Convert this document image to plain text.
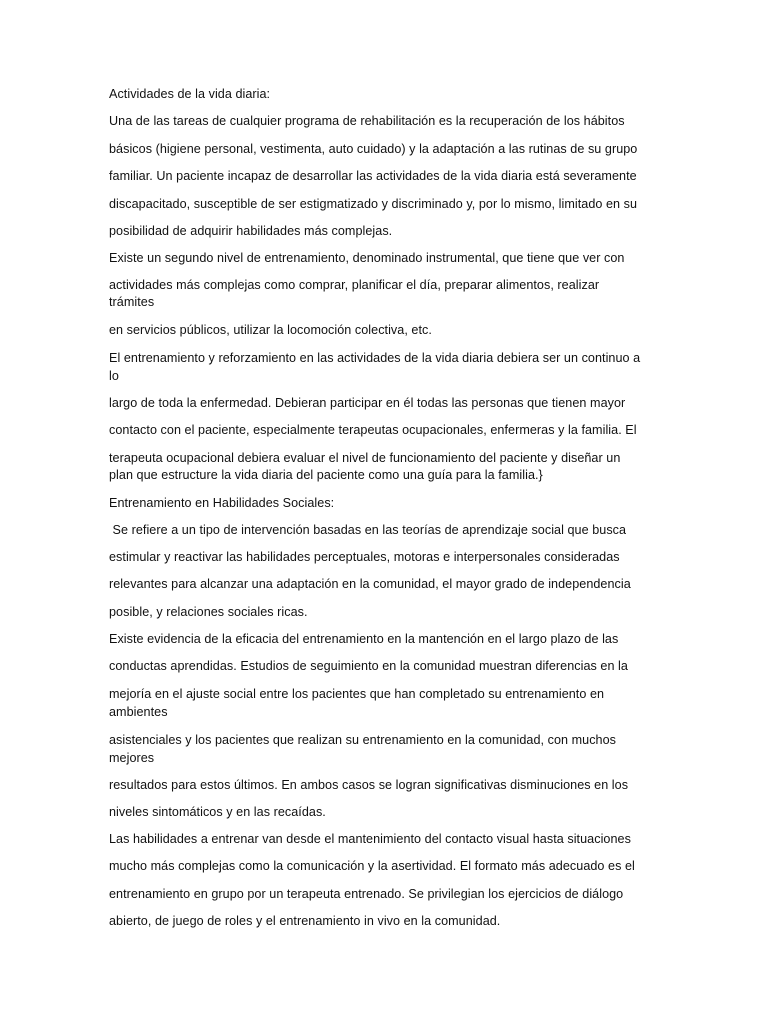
Actividades de la vida diaria:
Una de las tareas de cualquier programa de rehabilitación es la recuperación de los hábitos
básicos (higiene personal, vestimenta, auto cuidado) y la adaptación a las rutinas de su grupo
familiar. Un paciente incapaz de desarrollar las actividades de la vida diaria está severamente
discapacitado, susceptible de ser estigmatizado y discriminado y, por lo mismo, limitado en su
posibilidad de adquirir habilidades más complejas.
Existe un segundo nivel de entrenamiento, denominado instrumental, que tiene que ver con
actividades más complejas como comprar, planificar el día, preparar alimentos, realizar
trámites
en servicios públicos, utilizar la locomoción colectiva, etc.
El entrenamiento y reforzamiento en las actividades de la vida diaria debiera ser un continuo a
lo
largo de toda la enfermedad. Debieran participar en él todas las personas que tienen mayor
contacto con el paciente, especialmente terapeutas ocupacionales, enfermeras y la familia. El
terapeuta ocupacional debiera evaluar el nivel de funcionamiento del paciente y diseñar un
plan que estructure la vida diaria del paciente como una guía para la familia.}
Entrenamiento en Habilidades Sociales:
Se refiere a un tipo de intervención basadas en las teorías de aprendizaje social que busca
estimular y reactivar las habilidades perceptuales, motoras e interpersonales consideradas
relevantes para alcanzar una adaptación en la comunidad, el mayor grado de independencia
posible, y relaciones sociales ricas.
Existe evidencia de la eficacia del entrenamiento en la mantención en el largo plazo de las
conductas aprendidas. Estudios de seguimiento en la comunidad muestran diferencias en la
mejoría en el ajuste social entre los pacientes que han completado su entrenamiento en
ambientes
asistenciales y los pacientes que realizan su entrenamiento en la comunidad, con muchos
mejores
resultados para estos últimos. En ambos casos se logran significativas disminuciones en los
niveles sintomáticos y en las recaídas.
Las habilidades a entrenar van desde el mantenimiento del contacto visual hasta situaciones
mucho más complejas como la comunicación y la asertividad. El formato más adecuado es el
entrenamiento en grupo por un terapeuta entrenado. Se privilegian los ejercicios de diálogo
abierto, de juego de roles y el entrenamiento in vivo en la comunidad.
